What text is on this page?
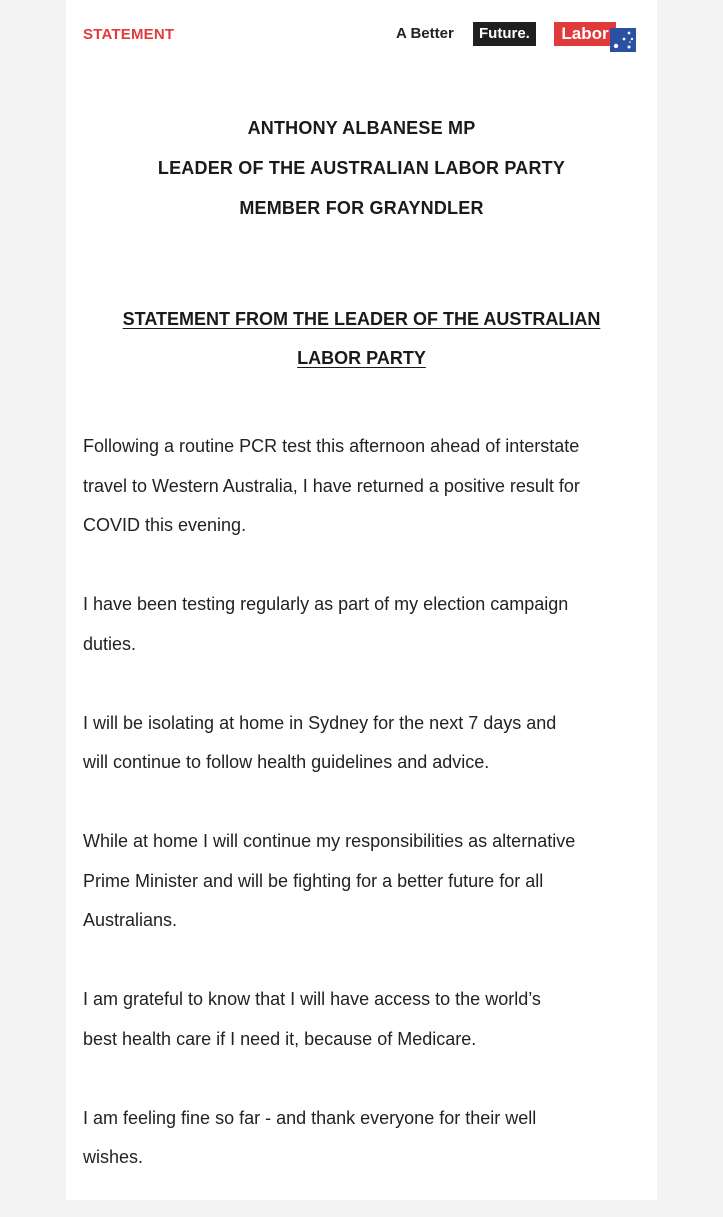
STATEMENT	A Better	Future.	Labor
ANTHONY ALBANESE MP
LEADER OF THE AUSTRALIAN LABOR PARTY
MEMBER FOR GRAYNDLER
STATEMENT FROM THE LEADER OF THE AUSTRALIAN
LABOR PARTY

Following a routine PCR test this afternoon ahead of interstate
travel to Western Australia, I have returned a positive result for
COVID this evening.

I have been testing regularly as part of my election campaign
duties.

I will be isolating at home in Sydney for the next 7 days and
will continue to follow health guidelines and advice.

While at home I will continue my responsibilities as alternative
Prime Minister and will be fighting for a better future for all
Australians.

I am grateful to know that I will have access to the world’s
best health care if I need it, because of Medicare.

I am feeling fine so far - and thank everyone for their well
wishes.
